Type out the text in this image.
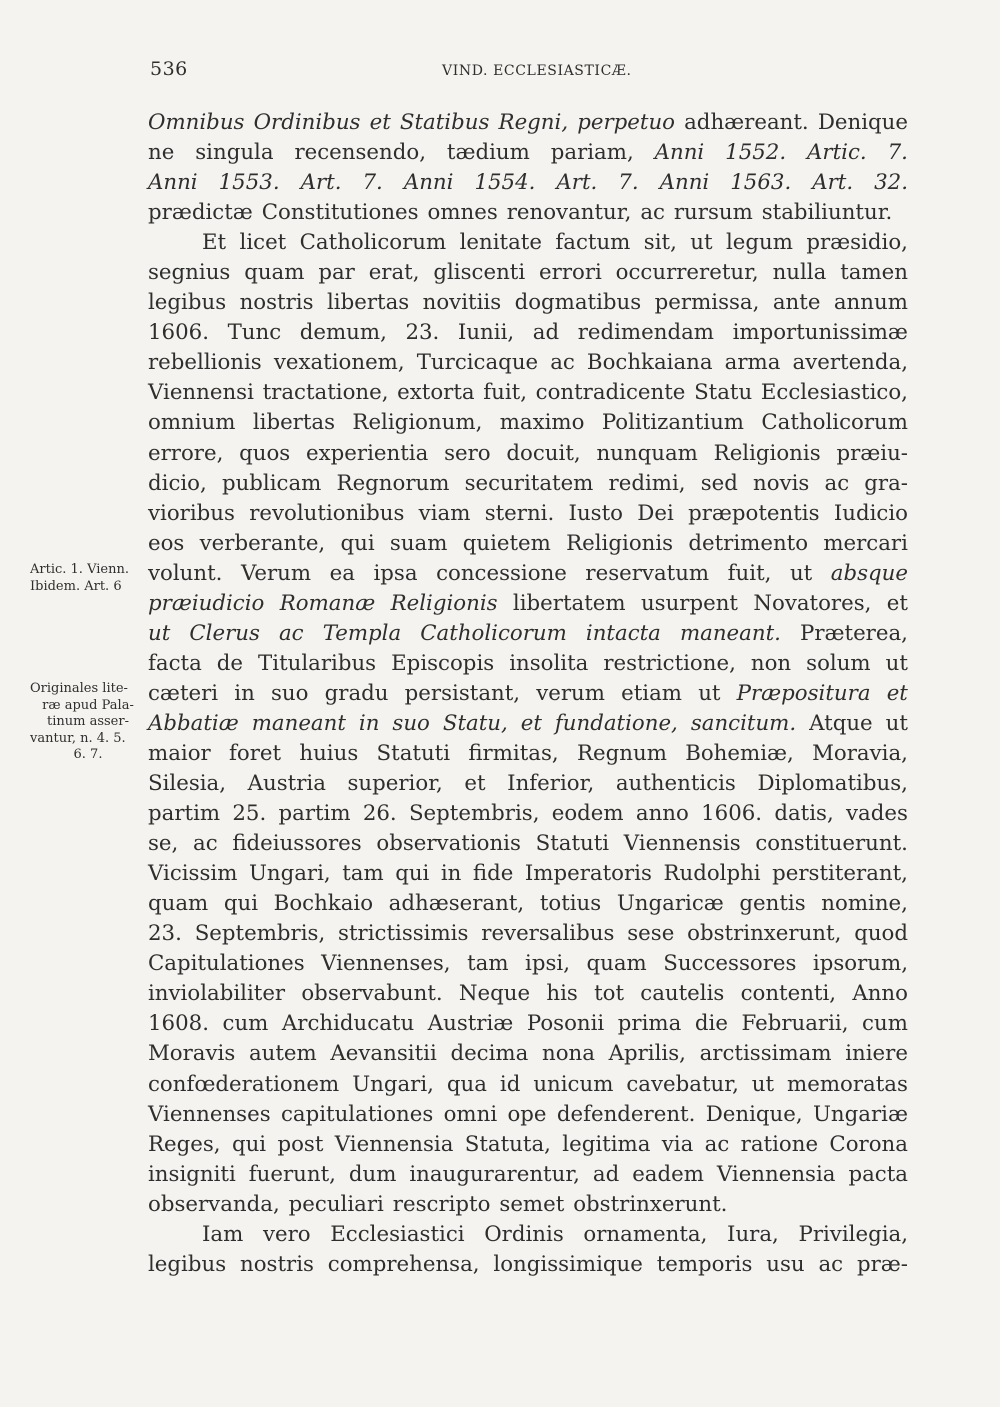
536	VIND. ECCLESIASTICÆ.
Omnibus Ordinibus et Statibus Regni, perpetuo adhæreant. Denique
ne singula recensendo, tædium pariam, Anni 1552. Artic. 7.
Anni 1553. Art. 7. Anni 1554. Art. 7. Anni 1563. Art. 32.
prædictæ Constitutiones omnes renovantur, ac rursum stabiliuntur.
Et licet Catholicorum lenitate factum sit, ut legum præsidio,
segnius quam par erat, gliscenti errori occurreretur, nulla tamen
legibus nostris libertas novitiis dogmatibus permissa, ante annum
1606. Tunc demum, 23. Iunii, ad redimendam importunissimæ
rebellionis vexationem, Turcicaque ac Bochkaiana arma avertenda,
Viennensi tractatione, extorta fuit, contradicente Statu Ecclesiastico,
omnium libertas Religionum, maximo Politizantium Catholicorum
errore, quos experientia sero docuit, nunquam Religionis præiu-
dicio, publicam Regnorum securitatem redimi, sed novis ac gra-
vioribus revolutionibus viam sterni. Iusto Dei præpotentis Iudicio
eos verberante, qui suam quietem Religionis detrimento mercari
volunt. Verum ea ipsa concessione reservatum fuit, ut absque
præiudicio Romanæ Religionis libertatem usurpent Novatores, et
ut Clerus ac Templa Catholicorum intacta maneant. Præterea,
facta de Titularibus Episcopis insolita restrictione, non solum ut
cæteri in suo gradu persistant, verum etiam ut Præpositura et
Abbatiæ maneant in suo Statu, et fundatione, sancitum. Atque ut
maior foret huius Statuti firmitas, Regnum Bohemiæ, Moravia,
Silesia, Austria superior, et Inferior, authenticis Diplomatibus,
partim 25. partim 26. Septembris, eodem anno 1606. datis, vades
se, ac fideiussores observationis Statuti Viennensis constituerunt.
Vicissim Ungari, tam qui in fide Imperatoris Rudolphi perstiterant,
quam qui Bochkaio adhæserant, totius Ungaricæ gentis nomine,
23. Septembris, strictissimis reversalibus sese obstrinxerunt, quod
Capitulationes Viennenses, tam ipsi, quam Successores ipsorum,
inviolabiliter observabunt. Neque his tot cautelis contenti, Anno
1608. cum Archiducatu Austriæ Posonii prima die Februarii, cum
Moravis autem Aevansitii decima nona Aprilis, arctissimam iniere
confœderationem Ungari, qua id unicum cavebatur, ut memoratas
Viennenses capitulationes omni ope defenderent. Denique, Ungariæ
Reges, qui post Viennensia Statuta, legitima via ac ratione Corona
insigniti fuerunt, dum inaugurarentur, ad eadem Viennensia pacta
observanda, peculiari rescripto semet obstrinxerunt.
Iam vero Ecclesiastici Ordinis ornamenta, Iura, Privilegia,
legibus nostris comprehensa, longissimique temporis usu ac præ-
Artic. 1. Vienn.
Ibidem. Art. 6
Originales lite-
ræ apud Pala-
tinum asser-
vantur, n. 4. 5.
6. 7.
